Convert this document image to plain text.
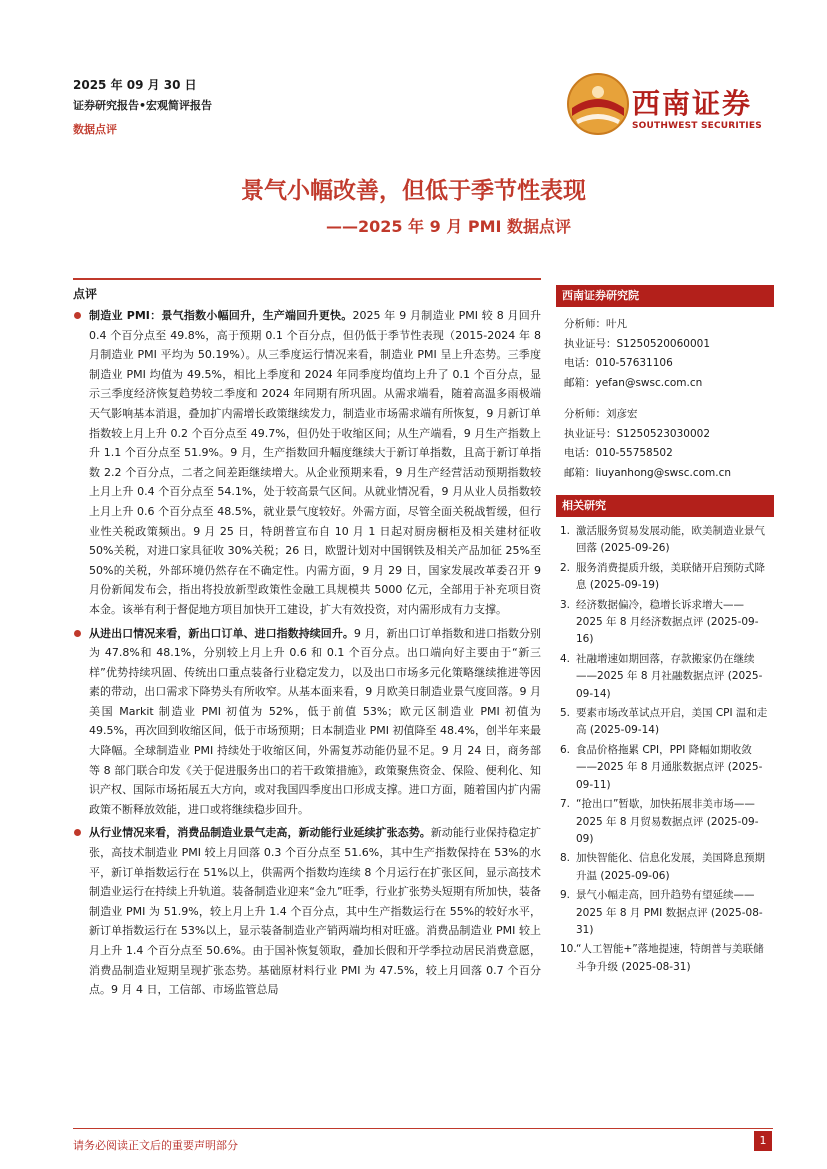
2025 年 09 月 30 日
证券研究报告•宏观简评报告
数据点评
西南证券
SOUTHWEST SECURITIES
景气小幅改善，但低于季节性表现
——2025 年 9 月 PMI 数据点评
点评

制造业 PMI：景气指数小幅回升，生产端回升更快。2025 年 9 月制造业 PMI 较 8 月回升 0.4 个百分点至 49.8%，高于预期 0.1 个百分点，但仍低于季节性表现（2015-2024 年 8 月制造业 PMI 平均为 50.19%）。从三季度运行情况来看，制造业 PMI 呈上升态势。三季度制造业 PMI 均值为 49.5%，相比上季度和 2024 年同季度均值均上升了 0.1 个百分点，显示三季度经济恢复趋势较二季度和 2024 年同期有所巩固。从需求端看，随着高温多雨极端天气影响基本消退，叠加扩内需增长政策继续发力，制造业市场需求端有所恢复，9 月新订单指数较上月上升 0.2 个百分点至 49.7%，但仍处于收缩区间；从生产端看，9 月生产指数上升 1.1 个百分点至 51.9%。9 月，生产指数回升幅度继续大于新订单指数，且高于新订单指数 2.2 个百分点，二者之间差距继续增大。从企业预期来看，9 月生产经营活动预期指数较上月上升 0.4 个百分点至 54.1%，处于较高景气区间。从就业情况看，9 月从业人员指数较上月上升 0.6 个百分点至 48.5%，就业景气度较好。外需方面，尽管全面关税战暂缓，但行业性关税政策频出。9 月 25 日，特朗普宣布自 10 月 1 日起对厨房橱柜及相关建材征收 50%关税，对进口家具征收 30%关税；26 日，欧盟计划对中国钢铁及相关产品加征 25%至 50%的关税，外部环境仍然存在不确定性。内需方面，9 月 29 日，国家发展改革委召开 9 月份新闻发布会，指出将投放新型政策性金融工具规模共 5000 亿元，全部用于补充项目资本金。该举有利于督促地方项目加快开工建设，扩大有效投资，对内需形成有力支撑。

从进出口情况来看，新出口订单、进口指数持续回升。9 月，新出口订单指数和进口指数分别为 47.8%和 48.1%，分别较上月上升 0.6 和 0.1 个百分点。出口端向好主要由于“新三样”优势持续巩固、传统出口重点装备行业稳定发力，以及出口市场多元化策略继续推进等因素的带动，出口需求下降势头有所收窄。从基本面来看，9 月欧美日制造业景气度回落。9 月美国 Markit 制造业 PMI 初值为 52%，低于前值 53%；欧元区制造业 PMI 初值为 49.5%，再次回到收缩区间，低于市场预期；日本制造业 PMI 初值降至 48.4%，创半年来最大降幅。全球制造业 PMI 持续处于收缩区间，外需复苏动能仍显不足。9 月 24 日，商务部等 8 部门联合印发《关于促进服务出口的若干政策措施》，政策聚焦资金、保险、便利化、知识产权、国际市场拓展五大方向，或对我国四季度出口形成支撑。进口方面，随着国内扩内需政策不断释放效能，进口或将继续稳步回升。

从行业情况来看，消费品制造业景气走高，新动能行业延续扩张态势。新动能行业保持稳定扩张，高技术制造业 PMI 较上月回落 0.3 个百分点至 51.6%，其中生产指数保持在 53%的水平，新订单指数运行在 51%以上，供需两个指数均连续 8 个月运行在扩张区间，显示高技术制造业运行在持续上升轨道。装备制造业迎来“金九”旺季，行业扩张势头短期有所加快，装备制造业 PMI 为 51.9%，较上月上升 1.4 个百分点，其中生产指数运行在 55%的较好水平，新订单指数运行在 53%以上，显示装备制造业产销两端均相对旺盛。消费品制造业 PMI 较上月上升 1.4 个百分点至 50.6%。由于国补恢复领取，叠加长假和开学季拉动居民消费意愿，消费品制造业短期呈现扩张态势。基础原材料行业 PMI 为 47.5%，较上月回落 0.7 个百分点。9 月 4 日，工信部、市场监管总局

西南证券研究院
分析师：叶凡
执业证号：S1250520060001
电话：010-57631106
邮箱：yefan@swsc.com.cn
分析师：刘彦宏
执业证号：S1250523030002
电话：010-55758502
邮箱：liuyanhong@swsc.com.cn
相关研究
1. 激活服务贸易发展动能，欧美制造业景气回落 (2025-09-26)
2. 服务消费提质升级，美联储开启预防式降息 (2025-09-19)
3. 经济数据偏冷，稳增长诉求增大——2025 年 8 月经济数据点评 (2025-09-16)
4. 社融增速如期回落，存款搬家仍在继续——2025 年 8 月社融数据点评 (2025-09-14)
5. 要素市场改革试点开启，美国 CPI 温和走高 (2025-09-14)
6. 食品价格拖累 CPI，PPI 降幅如期收敛——2025 年 8 月通胀数据点评 (2025-09-11)
7. “抢出口”暂歇，加快拓展非美市场——2025 年 8 月贸易数据点评 (2025-09-09)
8. 加快智能化、信息化发展，美国降息预期升温 (2025-09-06)
9. 景气小幅走高，回升趋势有望延续——2025 年 8 月 PMI 数据点评 (2025-08-31)
10. “人工智能+”落地提速，特朗普与美联储斗争升级 (2025-08-31)
请务必阅读正文后的重要声明部分	1
